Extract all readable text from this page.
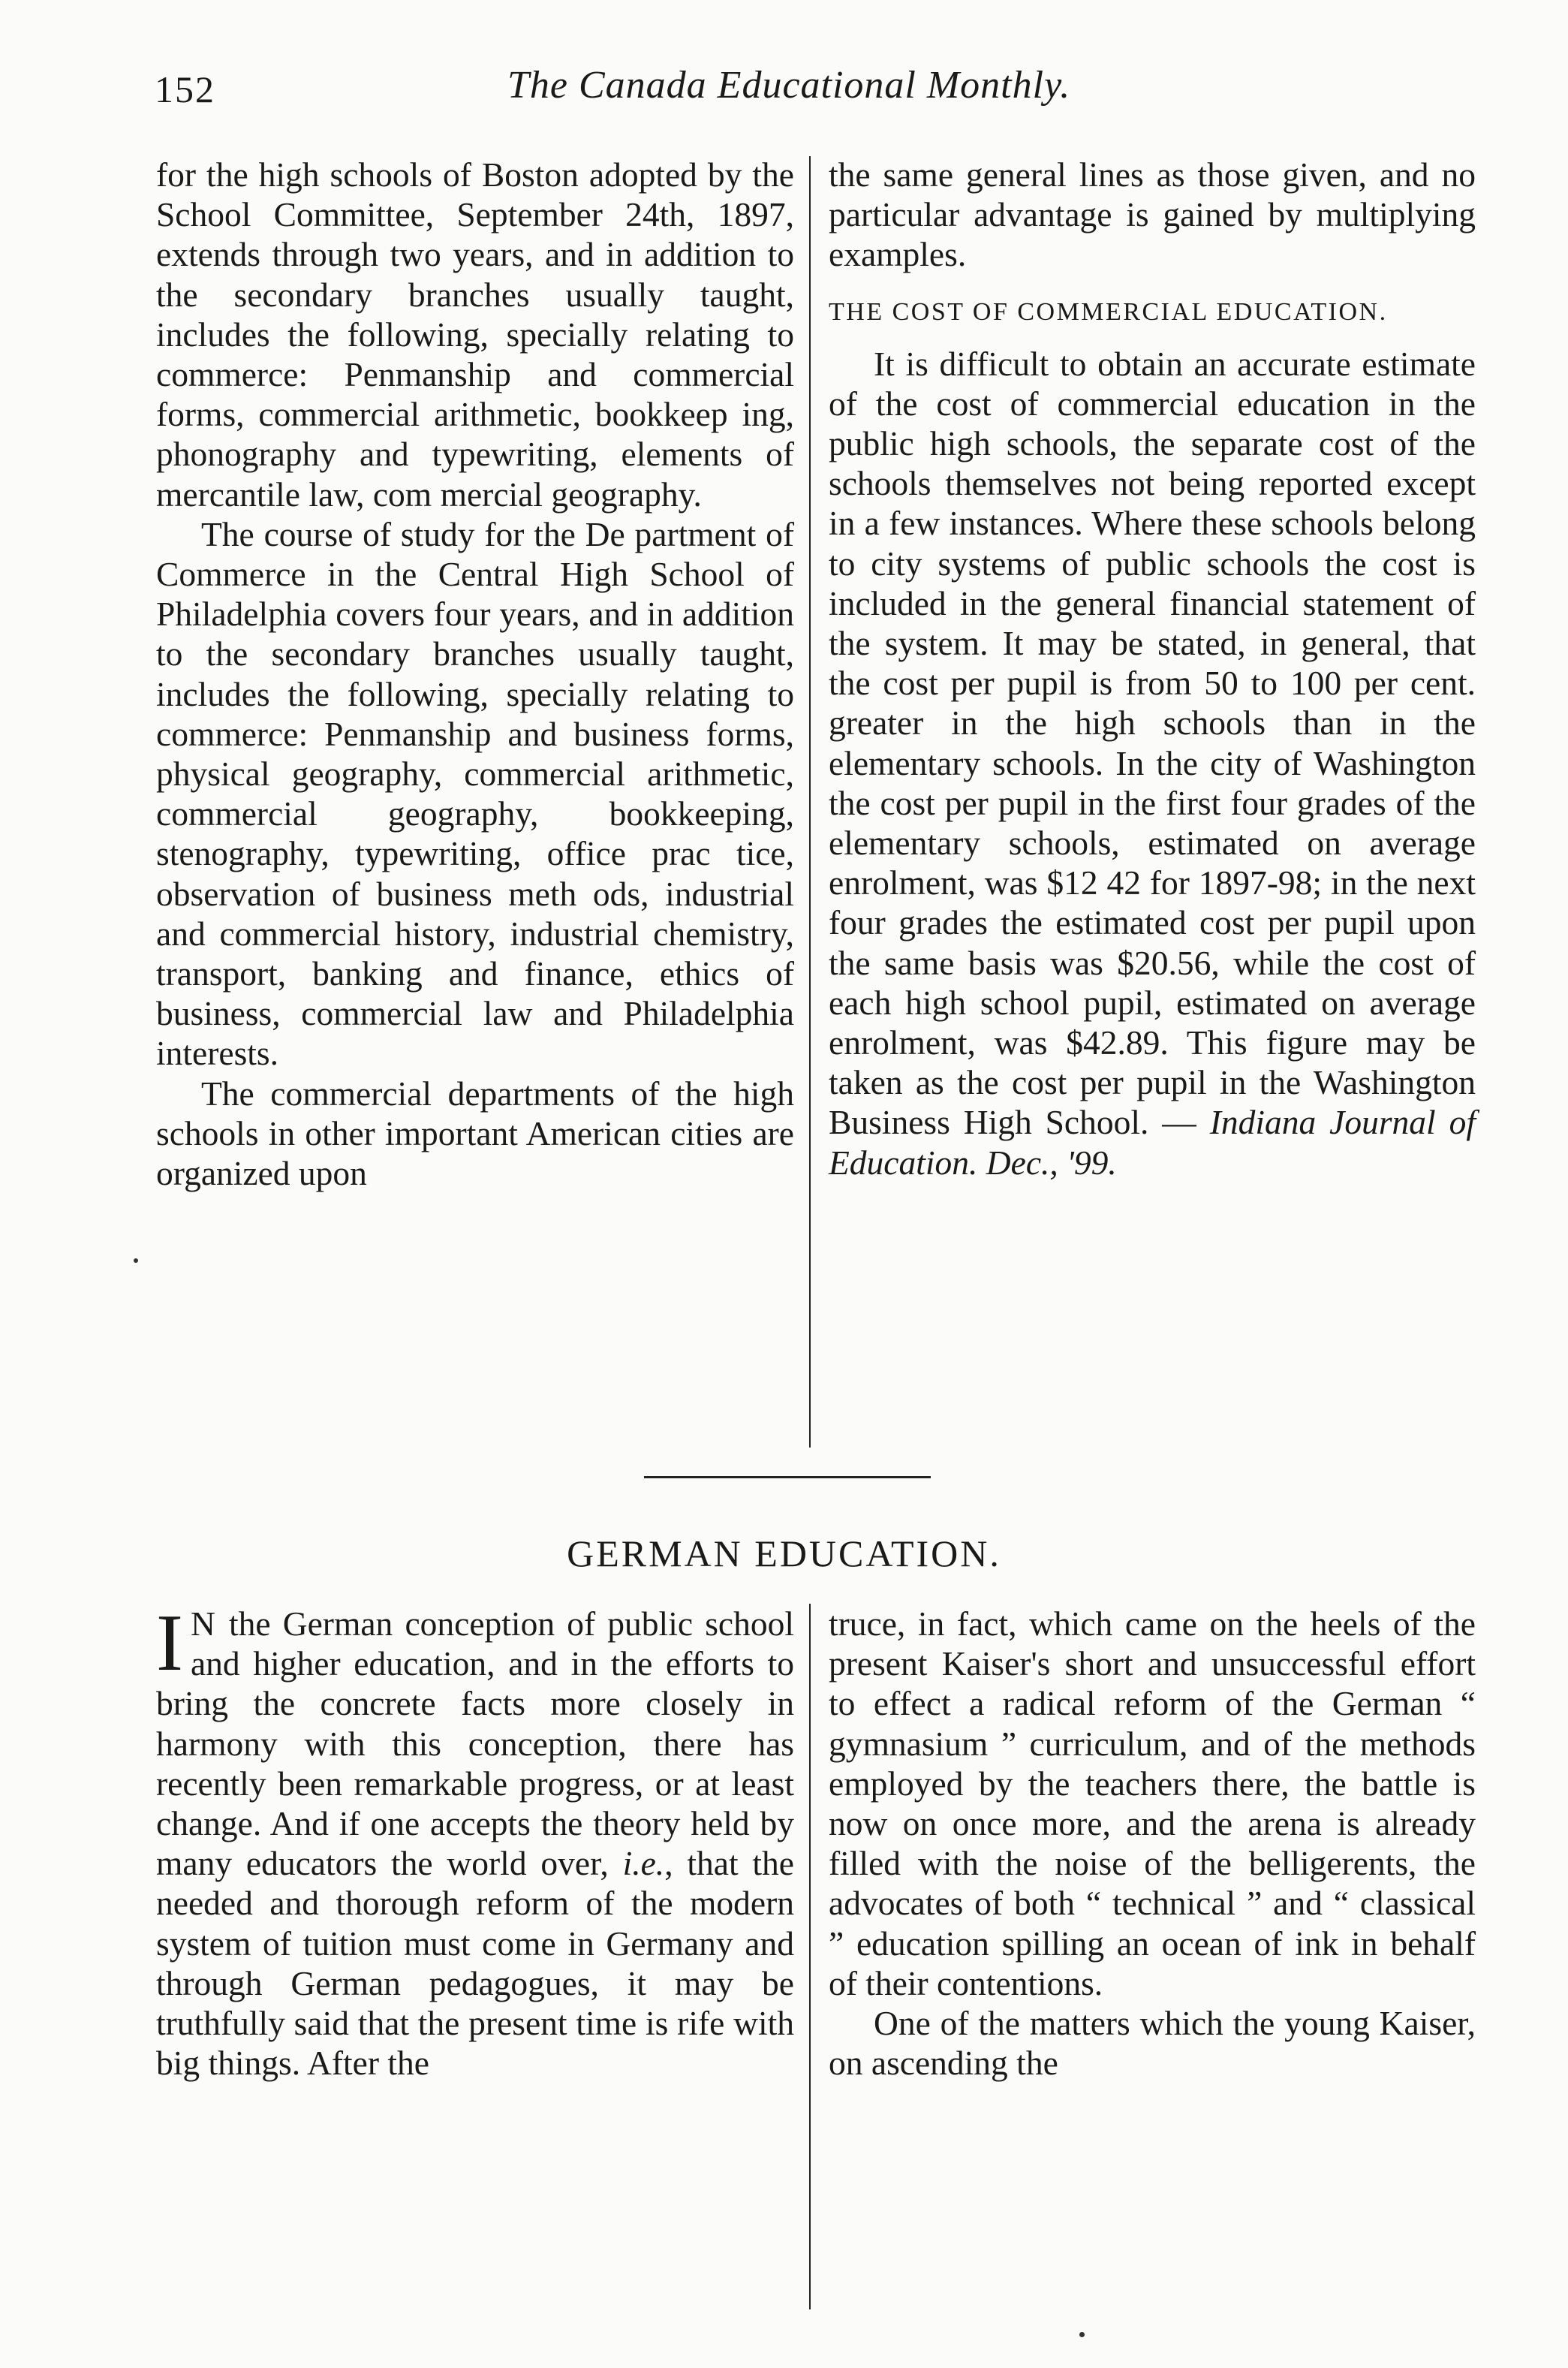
152	The Canada Educational Monthly.

for the high schools of Boston adopted by the School Committee, September 24th, 1897, extends through two years, and in addition to the secondary branches usually taught, includes the following, specially relating to commerce: Penmanship and commercial forms, commercial arithmetic, bookkeep ing, phonography and typewriting, elements of mercantile law, com mercial geography.

The course of study for the De partment of Commerce in the Central High School of Philadelphia covers four years, and in addition to the secondary branches usually taught, includes the following, specially relating to commerce: Penmanship and business forms, physical geography, commercial arithmetic, commercial geography, bookkeeping, stenography, typewriting, office prac tice, observation of business meth ods, industrial and commercial history, industrial chemistry, transport, banking and finance, ethics of business, commercial law and Philadelphia interests.

The commercial departments of the high schools in other important American cities are organized upon

the same general lines as those given, and no particular advantage is gained by multiplying examples.

THE COST OF COMMERCIAL EDUCATION.

It is difficult to obtain an accurate estimate of the cost of commercial education in the public high schools, the separate cost of the schools themselves not being reported except in a few instances. Where these schools belong to city systems of public schools the cost is included in the general financial statement of the system. It may be stated, in general, that the cost per pupil is from 50 to 100 per cent. greater in the high schools than in the elementary schools. In the city of Washington the cost per pupil in the first four grades of the elementary schools, estimated on average enrolment, was $12 42 for 1897-98; in the next four grades the estimated cost per pupil upon the same basis was $20.56, while the cost of each high school pupil, estimated on average enrolment, was $42.89. This figure may be taken as the cost per pupil in the Washington Business High School. — Indiana Journal of Education. Dec., '99.

GERMAN EDUCATION.

I N the German conception of public school and higher education, and in the efforts to bring the concrete facts more closely in harmony with this conception, there has recently been remarkable progress, or at least change. And if one accepts the theory held by many educators the world over, i.e., that the needed and thorough reform of the modern system of tuition must come in Germany and through German pedagogues, it may be truthfully said that the present time is rife with big things. After the

truce, in fact, which came on the heels of the present Kaiser's short and unsuccessful effort to effect a radical reform of the German “ gymnasium ” curriculum, and of the methods employed by the teachers there, the battle is now on once more, and the arena is already filled with the noise of the belligerents, the advocates of both “ technical ” and “ classical ” education spilling an ocean of ink in behalf of their contentions.

One of the matters which the young Kaiser, on ascending the
